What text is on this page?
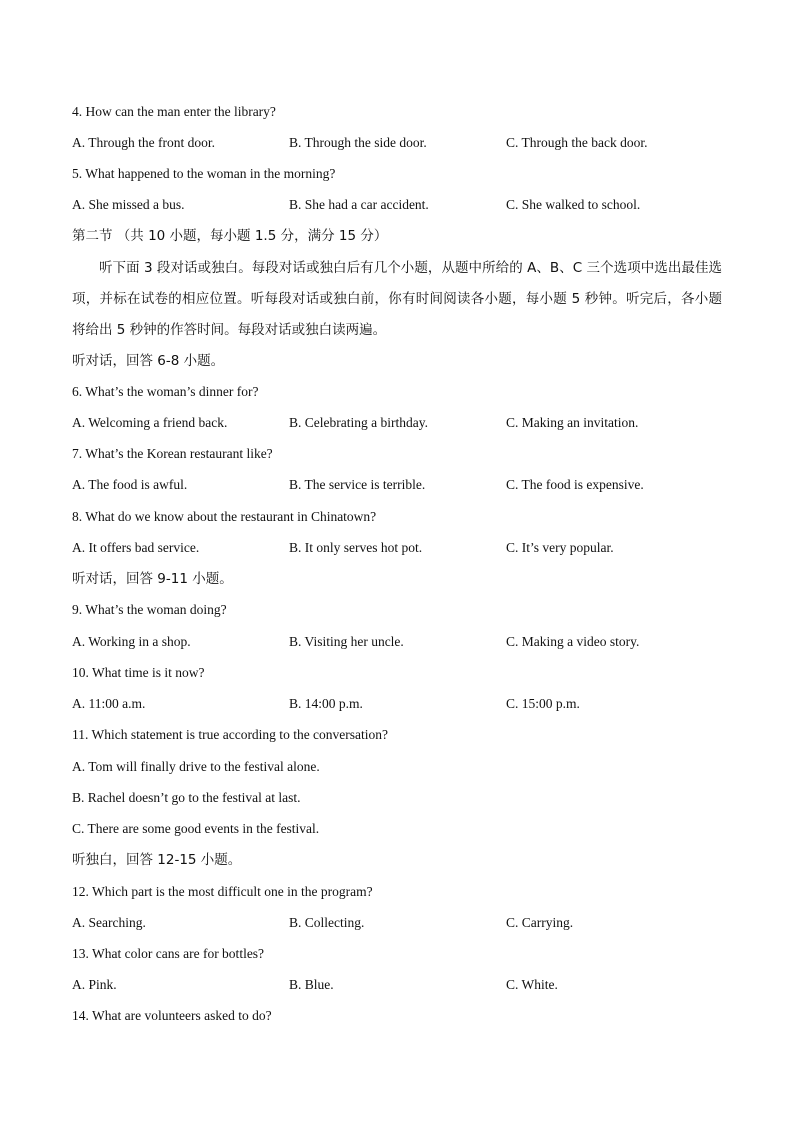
4. How can the man enter the library?
A. Through the front door.	B. Through the side door.	C. Through the back door.
5. What happened to the woman in the morning?
A. She missed a bus.	B. She had a car accident.	C. She walked to school.
第二节 （共 10 小题，每小题 1.5 分，满分 15 分）
听下面 3 段对话或独白。每段对话或独白后有几个小题，从题中所给的 A、B、C 三个选项中选出最佳选项，并标在试卷的相应位置。听每段对话或独白前，你有时间阅读各小题，每小题 5 秒钟。听完后，各小题将给出 5 秒钟的作答时间。每段对话或独白读两遍。
听对话，回答 6-8 小题。
6. What’s the woman’s dinner for?
A. Welcoming a friend back.	B. Celebrating a birthday.	C. Making an invitation.
7. What’s the Korean restaurant like?
A. The food is awful.	B. The service is terrible.	C. The food is expensive.
8. What do we know about the restaurant in Chinatown?
A. It offers bad service.	B. It only serves hot pot.	C. It’s very popular.
听对话，回答 9-11 小题。
9. What’s the woman doing?
A. Working in a shop.	B. Visiting her uncle.	C. Making a video story.
10. What time is it now?
A. 11:00 a.m.	B. 14:00 p.m.	C. 15:00 p.m.
11. Which statement is true according to the conversation?
A. Tom will finally drive to the festival alone.
B. Rachel doesn’t go to the festival at last.
C. There are some good events in the festival.
听独白，回答 12-15 小题。
12. Which part is the most difficult one in the program?
A. Searching.	B. Collecting.	C. Carrying.
13. What color cans are for bottles?
A. Pink.	B. Blue.	C. White.
14. What are volunteers asked to do?
